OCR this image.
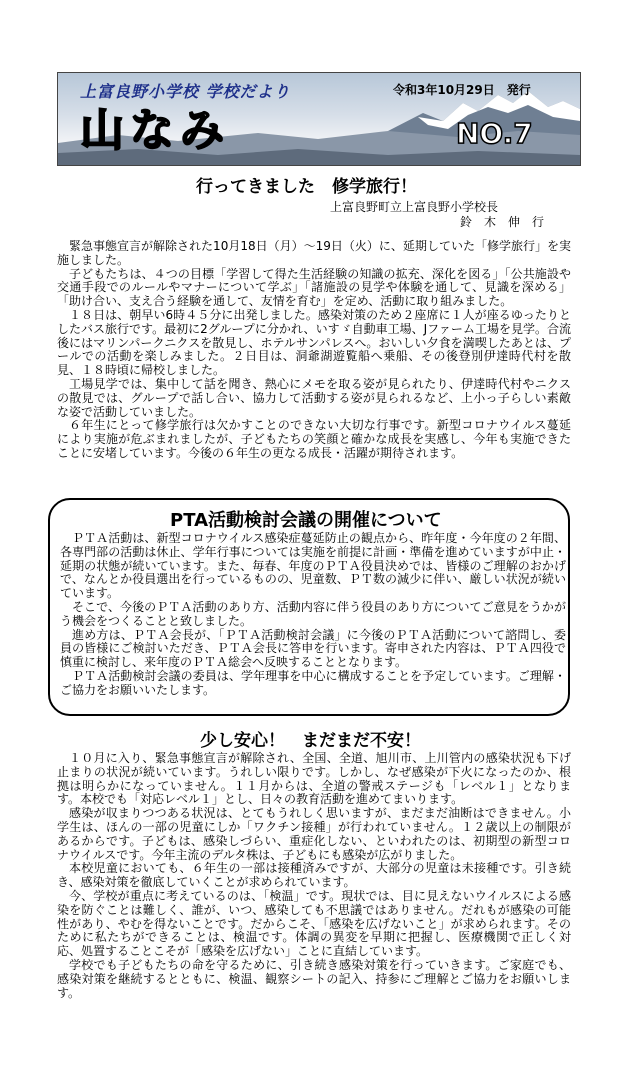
上富良野小学校 学校だより	令和3年10月29日　発行
山なみ	NO.7
行ってきました　修学旅行！
上富良野町立上富良野小学校長
鈴　木　伸　行

緊急事態宣言が解除された10月18日（月）～19日（火）に、延期していた「修学旅行」を実施しました。

子どもたちは、４つの目標「学習して得た生活経験の知識の拡充、深化を図る」「公共施設や交通手段でのルールやマナーについて学ぶ」「諸施設の見学や体験を通して、見識を深める」「助け合い、支え合う経験を通して、友情を育む」を定め、活動に取り組みました。

１８日は、朝早い6時４５分に出発しました。感染対策のため２座席に１人が座るゆったりとしたバス旅行です。最初に2グループに分かれ、いすゞ自動車工場、Jファーム工場を見学。合流後にはマリンパークニクスを散見し、ホテルサンパレスへ。おいしい夕食を満喫したあとは、プールでの活動を楽しみました。２日目は、洞爺湖遊覧船へ乗船、その後登別伊達時代村を散見、１８時頃に帰校しました。

工場見学では、集中して話を聞き、熱心にメモを取る姿が見られたり、伊達時代村やニクスの散見では、グループで話し合い、協力して活動する姿が見られるなど、上小っ子らしい素敵な姿で活動していました。

６年生にとって修学旅行は欠かすことのできない大切な行事です。新型コロナウイルス蔓延により実施が危ぶまれましたが、子どもたちの笑顔と確かな成長を実感し、今年も実施できたことに安堵しています。今後の６年生の更なる成長・活躍が期待されます。

PTA活動検討会議の開催について

ＰＴＡ活動は、新型コロナウイルス感染症蔓延防止の観点から、昨年度・今年度の２年間、各専門部の活動は休止、学年行事については実施を前提に計画・準備を進めていますが中止・延期の状態が続いています。また、毎春、年度のＰＴＡ役員決めでは、皆様のご理解のおかげで、なんとか役員選出を行っているものの、児童数、ＰＴ数の減少に伴い、厳しい状況が続いています。

そこで、今後のＰＴＡ活動のあり方、活動内容に伴う役員のあり方についてご意見をうかがう機会をつくることと致しました。

進め方は、ＰＴＡ会長が、「ＰＴＡ活動検討会議」に今後のＰＴＡ活動について諮問し、委員の皆様にご検討いただき、ＰＴＡ会長に答申を行います。寄申された内容は、ＰＴＡ四役で慎重に検討し、来年度のＰＴＡ総会へ反映することとなります。

ＰＴＡ活動検討会議の委員は、学年理事を中心に構成することを予定しています。ご理解・ご協力をお願いいたします。

少し安心！　まだまだ不安！

１０月に入り、緊急事態宣言が解除され、全国、全道、旭川市、上川管内の感染状況も下げ止まりの状況が続いています。うれしい限りです。しかし、なぜ感染が下火になったのか、根拠は明らかになっていません。１１月からは、全道の警戒ステージも「レベル１」となります。本校でも「対応レベル１」とし、日々の教育活動を進めてまいります。

感染が収まりつつある状況は、とてもうれしく思いますが、まだまだ油断はできません。小学生は、ほんの一部の児童にしか「ワクチン接種」が行われていません。１２歳以上の制限があるからです。子どもは、感染しづらい、重症化しない、といわれたのは、初期型の新型コロナウイルスです。今年主流のデルタ株は、子どもにも感染が広がりました。

本校児童においても、６年生の一部は接種済みですが、大部分の児童は未接種です。引き続き、感染対策を徹底していくことが求められています。

今、学校が重点に考えているのは、「検温」です。現状では、目に見えないウイルスによる感染を防ぐことは難しく、誰が、いつ、感染しても不思議ではありません。だれもが感染の可能性があり、やむを得ないことです。だからこそ、「感染を広げないこと」が求められます。そのために私たちができることは、検温です。体調の異変を早期に把握し、医療機関で正しく対応、処置することこそが「感染を広げない」ことに直結しています。

学校でも子どもたちの命を守るために、引き続き感染対策を行っていきます。ご家庭でも、感染対策を継続するとともに、検温、観察シートの記入、持参にご理解とご協力をお願いします。
